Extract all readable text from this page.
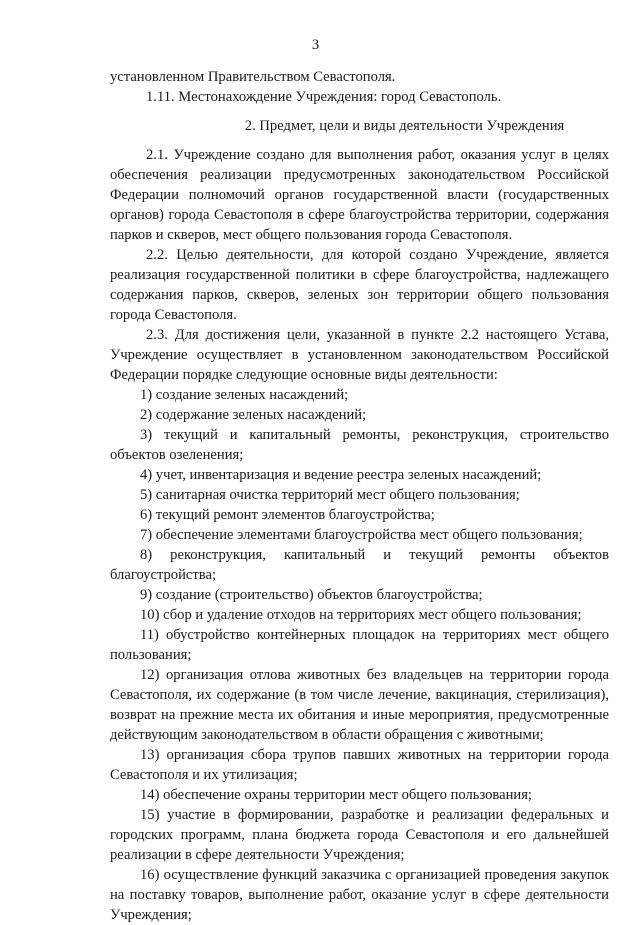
3
установленном Правительством Севастополя.
1.11. Местонахождение Учреждения: город Севастополь.
2. Предмет, цели и виды деятельности Учреждения
2.1. Учреждение создано для выполнения работ, оказания услуг в целях обеспечения реализации предусмотренных законодательством Российской Федерации полномочий органов государственной власти (государственных органов) города Севастополя в сфере благоустройства территории, содержания парков и скверов, мест общего пользования города Севастополя.
2.2. Целью деятельности, для которой создано Учреждение, является реализация государственной политики в сфере благоустройства, надлежащего содержания парков, скверов, зеленых зон территории общего пользования города Севастополя.
2.3. Для достижения цели, указанной в пункте 2.2 настоящего Устава, Учреждение осуществляет в установленном законодательством Российской Федерации порядке следующие основные виды деятельности:
1) создание зеленых насаждений;
2) содержание зеленых насаждений;
3) текущий и капитальный ремонты, реконструкция, строительство объектов озеленения;
4) учет, инвентаризация и ведение реестра зеленых насаждений;
5) санитарная очистка территорий мест общего пользования;
6) текущий ремонт элементов благоустройства;
7) обеспечение элементами благоустройства мест общего пользования;
8) реконструкция, капитальный и текущий ремонты объектов благоустройства;
9) создание (строительство) объектов благоустройства;
10) сбор и удаление отходов на территориях мест общего пользования;
11) обустройство контейнерных площадок на территориях мест общего пользования;
12) организация отлова животных без владельцев на территории города Севастополя, их содержание (в том числе лечение, вакцинация, стерилизация), возврат на прежние места их обитания и иные мероприятия, предусмотренные действующим законодательством в области обращения с животными;
13) организация сбора трупов павших животных на территории города Севастополя и их утилизация;
14) обеспечение охраны территории мест общего пользования;
15) участие в формировании, разработке и реализации федеральных и городских программ, плана бюджета города Севастополя и его дальнейшей реализации в сфере деятельности Учреждения;
16) осуществление функций заказчика с организацией проведения закупок на поставку товаров, выполнение работ, оказание услуг в сфере деятельности Учреждения;
